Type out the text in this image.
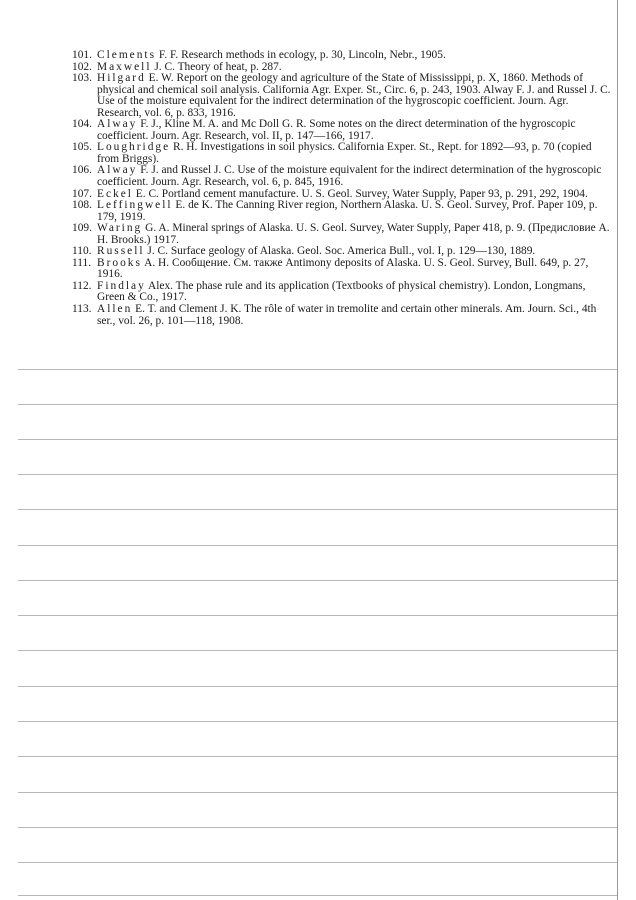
101. Clements F. F. Research methods in ecology, p. 30, Lincoln, Nebr., 1905.
102. Maxwell J. C. Theory of heat, p. 287.
103. Hilgard E. W. Report on the geology and agriculture of the State of Mississippi, p. X, 1860. Methods of physical and chemical soil analysis. California Agr. Exper. St., Circ. 6, p. 243, 1903. Alway F. J. and Russel J. C. Use of the moisture equivalent for the indirect determination of the hygroscopic coefficient. Journ. Agr. Research, vol. 6, p. 833, 1916.
104. Alway F. J., Kline M. A. and Mc Doll G. R. Some notes on the direct determination of the hygroscopic coefficient. Journ. Agr. Research, vol. II, p. 147—166, 1917.
105. Loughridge R. H. Investigations in soil physics. California Exper. St., Rept. for 1892—93, p. 70 (copied from Briggs).
106. Alway F. J. and Russel J. C. Use of the moisture equivalent for the indirect determination of the hygroscopic coefficient. Journ. Agr. Research, vol. 6, p. 845, 1916.
107. Eckel E. C. Portland cement manufacture. U. S. Geol. Survey, Water Supply, Paper 93, p. 291, 292, 1904.
108. Leffingwell E. de K. The Canning River region, Northern Alaska. U. S. Geol. Survey, Prof. Paper 109, p. 179, 1919.
109. Waring G. A. Mineral springs of Alaska. U. S. Geol. Survey, Water Supply, Paper 418, p. 9. (Предисловие A. H. Brooks.) 1917.
110. Russell J. C. Surface geology of Alaska. Geol. Soc. America Bull., vol. I, p. 129—130, 1889.
111. Brooks A. H. Сообщение. См. также Antimony deposits of Alaska. U. S. Geol. Survey, Bull. 649, p. 27, 1916.
112. Findlay Alex. The phase rule and its application (Textbooks of physical chemistry). London, Longmans, Green & Co., 1917.
113. Allen E. T. and Clement J. K. The rôle of water in tremolite and certain other minerals. Am. Journ. Sci., 4th ser., vol. 26, p. 101—118, 1908.
